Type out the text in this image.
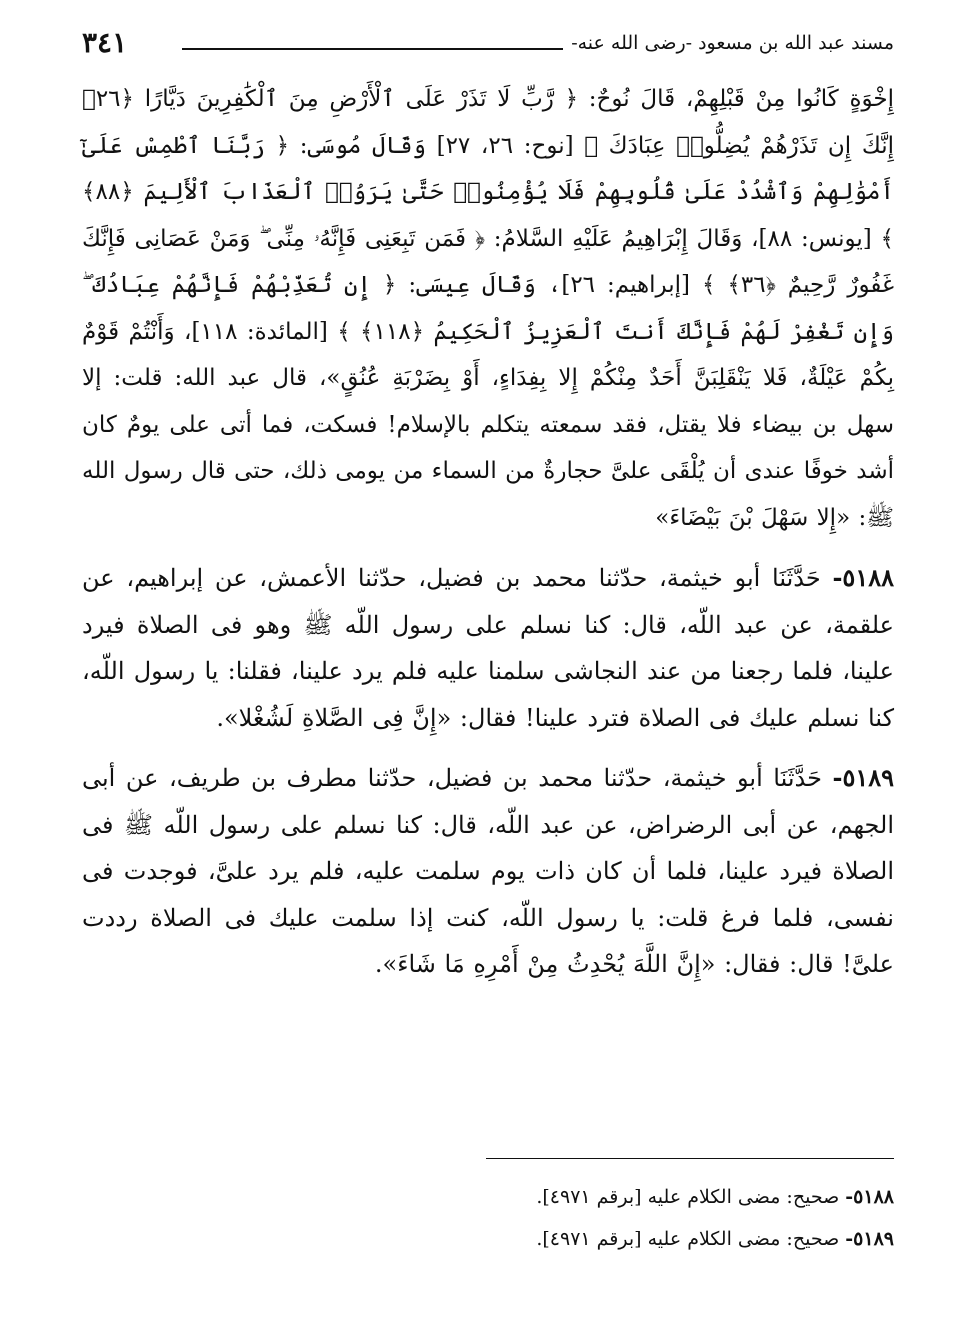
مسند عبد الله بن مسعود -رضى الله عنه-
٣٤١

إِخْوَةٍ كَانُوا مِنْ قَبْلِهِمْ، قَالَ نُوحٌ: ﴿ رَّبِّ لَا تَذَرْ عَلَى ٱلْأَرْضِ مِنَ ٱلْكَٰفِرِينَ دَيَّارًا ﴿٢٦﴾ إِنَّكَ إِن تَذَرْهُمْ يُضِلُّوا۟ عِبَادَكَ ﴾ [نوح: ٢٦، ٢٧] وَقَالَ مُوسَى: ﴿ رَبَّنَا ٱطْمِسْ عَلَىٰٓ أَمْوَٰلِهِمْ وَٱشْدُدْ عَلَىٰ قُلُوبِهِمْ فَلَا يُؤْمِنُوا۟ حَتَّىٰ يَرَوُا۟ ٱلْعَذَابَ ٱلْأَلِيمَ ﴿٨٨﴾ ﴾ [يونس: ٨٨]، وَقَالَ إِبْرَاهِيمُ عَلَيْهِ السَّلامُ: ﴿ فَمَن تَبِعَنِى فَإِنَّهُۥ مِنِّى ۖ وَمَنْ عَصَانِى فَإِنَّكَ غَفُورٌ رَّحِيمٌ ﴿٣٦﴾ ﴾ [إبراهيم: ٢٦]، وَقَالَ عِيسَى: ﴿ إِن تُعَذِّبْهُمْ فَإِنَّهُمْ عِبَادُكَ ۖ وَإِن تَغْفِرْ لَهُمْ فَإِنَّكَ أَنتَ ٱلْعَزِيزُ ٱلْحَكِيمُ ﴿١١٨﴾ ﴾ [المائدة: ١١٨]، وَأَنْتُمْ قَوْمٌ بِكُمْ عَيْلَةٌ، فَلا يَنْقَلِبَنَّ أَحَدٌ مِنْكُمْ إِلا بِفِدَاءٍ، أَوْ بِضَرْبَةِ عُنُقٍ»، قال عبد الله: قلت: إلا سهل بن بيضاء فلا يقتل، فقد سمعته يتكلم بالإسلام! فسكت، فما أتى على يومٌ كان أشد خوفًا عندى أن يُلْقَى علىَّ حجارةٌ من السماء من يومى ذلك، حتى قال رسول الله ﷺ: «إِلا سَهْلَ بْنَ بَيْضَاءَ»

٥١٨٨- حَدَّثَنَا أبو خيثمة، حدّثنا محمد بن فضيل، حدّثنا الأعمش، عن إبراهيم، عن علقمة، عن عبد اللّه، قال: كنا نسلم على رسول اللّه ﷺ وهو فى الصلاة فيرد علينا، فلما رجعنا من عند النجاشى سلمنا عليه فلم يرد علينا، فقلنا: يا رسول اللّه، كنا نسلم عليك فى الصلاة فترد علينا! فقال: «إِنَّ فِى الصَّلاةِ لَشُغْلا».

٥١٨٩- حَدَّثَنَا أبو خيثمة، حدّثنا محمد بن فضيل، حدّثنا مطرف بن طريف، عن أبى الجهم، عن أبى الرضراض، عن عبد اللّه، قال: كنا نسلم على رسول اللّه ﷺ فى الصلاة فيرد علينا، فلما أن كان ذات يوم سلمت عليه، فلم يرد علىَّ، فوجدت فى نفسى، فلما فرغ قلت: يا رسول اللّه، كنت إذا سلمت عليك فى الصلاة رددت علىَّ! قال: فقال: «إِنَّ اللَّهَ يُحْدِثُ مِنْ أَمْرِهِ مَا شَاءَ».

٥١٨٨- صحيح: مضى الكلام عليه [برقم ٤٩٧١].

٥١٨٩- صحيح: مضى الكلام عليه [برقم ٤٩٧١].
